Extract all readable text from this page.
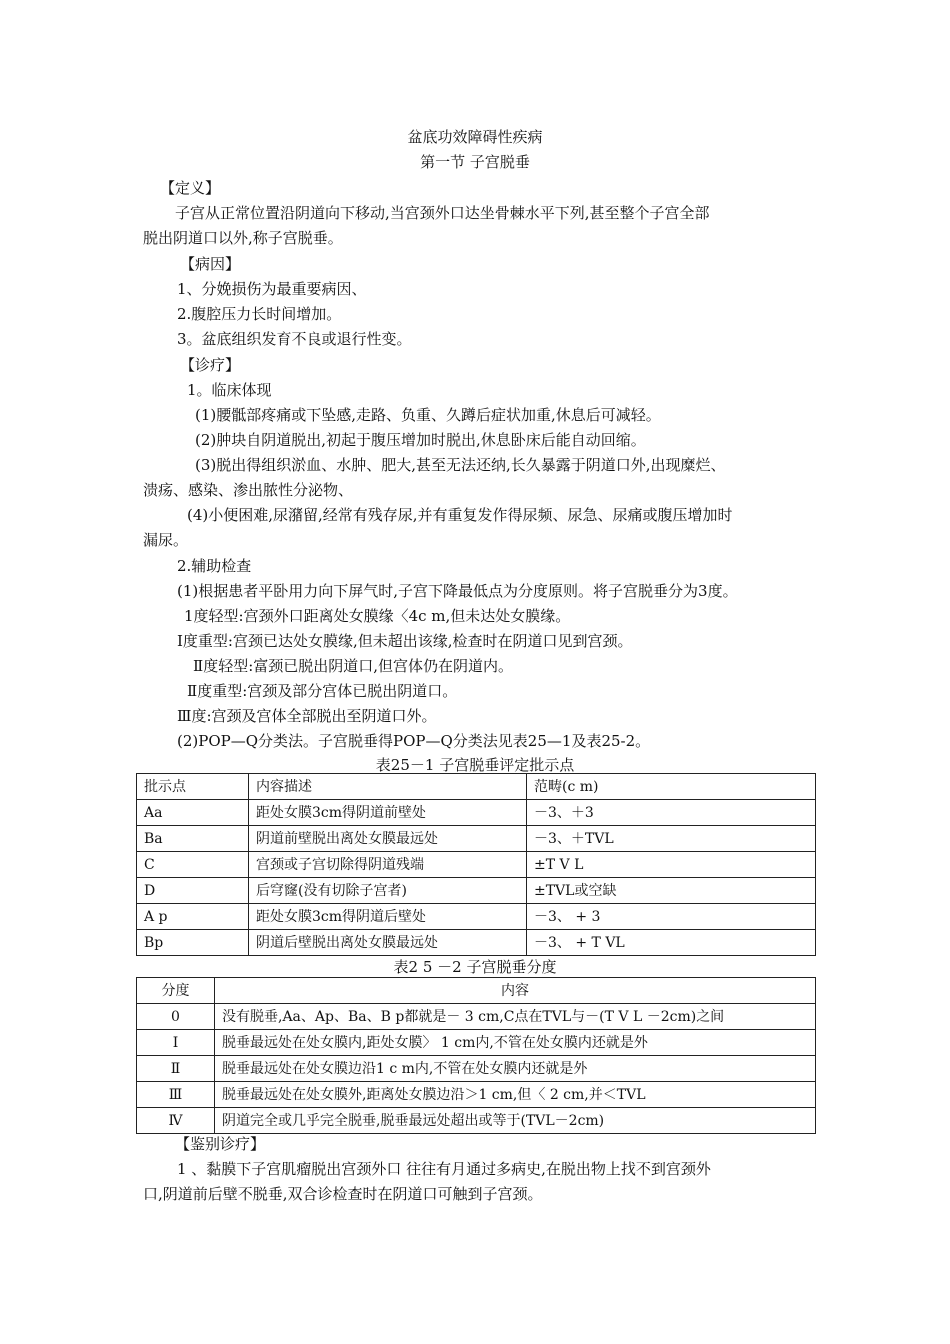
盆底功效障碍性疾病
第一节 子宫脱垂
【定义】
子宫从正常位置沿阴道向下移动,当宫颈外口达坐骨棘水平下列,甚至整个子宫全部
脱出阴道口以外,称子宫脱垂。
【病因】
1、分娩损伤为最重要病因、
2.腹腔压力长时间增加。
3。盆底组织发育不良或退行性变。
【诊疗】
1。临床体现
(1)腰骶部疼痛或下坠感,走路、负重、久蹲后症状加重,休息后可减轻。
(2)肿块自阴道脱出,初起于腹压增加时脱出,休息卧床后能自动回缩。
(3)脱出得组织淤血、水肿、肥大,甚至无法还纳,长久暴露于阴道口外,出现糜烂、
溃疡、感染、渗出脓性分泌物、
(4)小便困难,尿潴留,经常有残存尿,并有重复发作得尿频、尿急、尿痛或腹压增加时
漏尿。
2.辅助检查
(1)根据患者平卧用力向下屏气时,子宫下降最低点为分度原则。将子宫脱垂分为3度。
1度轻型:宫颈外口距离处女膜缘〈4c m,但未达处女膜缘。
I度重型:宫颈已达处女膜缘,但未超出该缘,检查时在阴道口见到宫颈。
Ⅱ度轻型:富颈已脱出阴道口,但宫体仍在阴道内。
Ⅱ度重型:宫颈及部分宫体已脱出阴道口。
Ⅲ度:宫颈及宫体全部脱出至阴道口外。
(2)POP—Q分类法。子宫脱垂得POP—Q分类法见表25—1及表25-2。
表25－1 子宫脱垂评定批示点
批示点	内容描述	范畴(c m)
Aa	距处女膜3cm得阴道前壁处	－3、＋3
Ba	阴道前壁脱出离处女膜最远处	－3、＋TVL
C	宫颈或子宫切除得阴道残端	±T V L
D	后穹窿(没有切除子宫者)	±TVL或空缺
A p	距处女膜3cm得阴道后壁处	－3、 + 3
Bp	阴道后壁脱出离处女膜最远处	－3、 + T VL
表2 5 －2 子宫脱垂分度
分度	内容
0	没有脱垂,Aa、Ap、Ba、B p都就是－ 3 cm,C点在TVL与－(T V L －2cm)之间
I	脱垂最远处在处女膜内,距处女膜〉 1 cm内,不管在处女膜内还就是外
Ⅱ	脱垂最远处在处女膜边沿1 c m内,不管在处女膜内还就是外
Ⅲ	脱垂最远处在处女膜外,距离处女膜边沿＞1 cm,但〈 2 cm,并＜TVL
Ⅳ	阴道完全或几乎完全脱垂,脱垂最远处超出或等于(TVL－2cm)
【鉴别诊疗】
1 、黏膜下子宫肌瘤脱出宫颈外口 往往有月通过多病史,在脱出物上找不到宫颈外
口,阴道前后壁不脱垂,双合诊检查时在阴道口可触到子宫颈。
